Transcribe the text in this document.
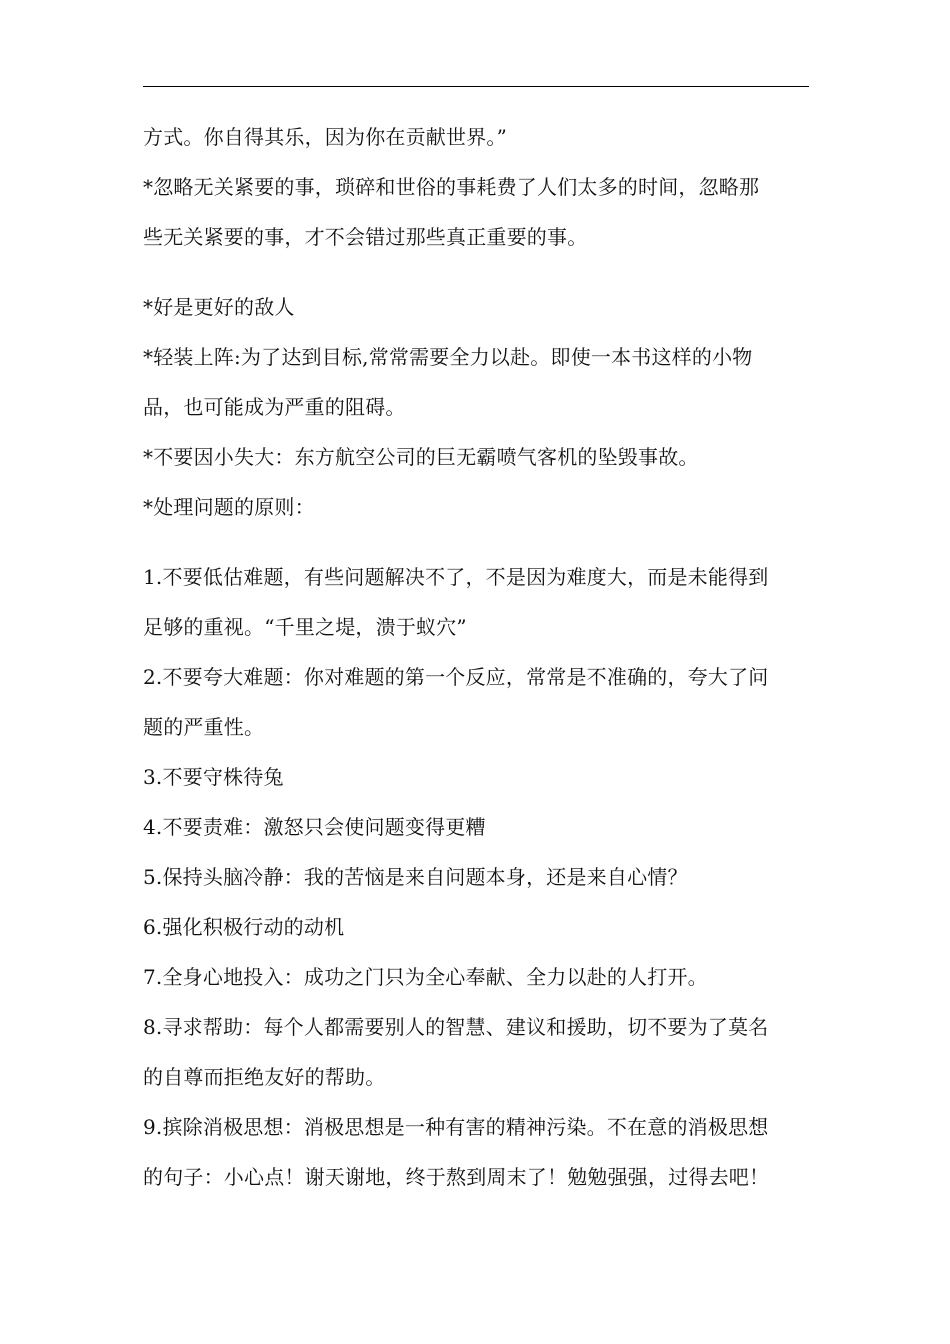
方式。你自得其乐，因为你在贡献世界。”
*忽略无关紧要的事，琐碎和世俗的事耗费了人们太多的时间，忽略那
些无关紧要的事，才不会错过那些真正重要的事。
*好是更好的敌人
*轻装上阵:为了达到目标,常常需要全力以赴。即使一本书这样的小物
品，也可能成为严重的阻碍。
*不要因小失大：东方航空公司的巨无霸喷气客机的坠毁事故。
*处理问题的原则：
1.不要低估难题，有些问题解决不了，不是因为难度大，而是未能得到
足够的重视。“千里之堤，溃于蚁穴”
2.不要夸大难题：你对难题的第一个反应，常常是不准确的，夸大了问
题的严重性。
3.不要守株待兔
4.不要责难：激怒只会使问题变得更糟
5.保持头脑冷静：我的苦恼是来自问题本身，还是来自心情？
6.强化积极行动的动机
7.全身心地投入：成功之门只为全心奉献、全力以赴的人打开。
8.寻求帮助：每个人都需要别人的智慧、建议和援助，切不要为了莫名
的自尊而拒绝友好的帮助。
9.摈除消极思想：消极思想是一种有害的精神污染。不在意的消极思想
的句子：小心点！谢天谢地，终于熬到周末了！勉勉强强，过得去吧！
